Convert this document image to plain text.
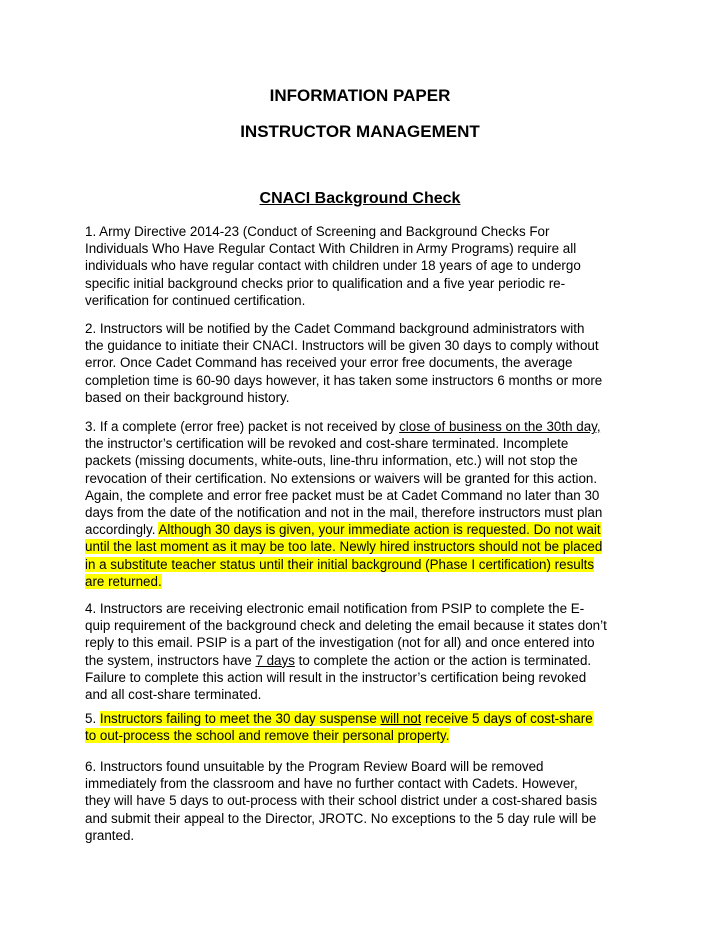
INFORMATION PAPER
INSTRUCTOR MANAGEMENT
CNACI Background Check
1. Army Directive 2014-23 (Conduct of Screening and Background Checks For
Individuals Who Have Regular Contact With Children in Army Programs) require all
individuals who have regular contact with children under 18 years of age to undergo
specific initial background checks prior to qualification and a five year periodic re-
verification for continued certification.
2. Instructors will be notified by the Cadet Command background administrators with
the guidance to initiate their CNACI. Instructors will be given 30 days to comply without
error. Once Cadet Command has received your error free documents, the average
completion time is 60-90 days however, it has taken some instructors 6 months or more
based on their background history.
3. If a complete (error free) packet is not received by close of business on the 30th day,
the instructor’s certification will be revoked and cost-share terminated. Incomplete
packets (missing documents, white-outs, line-thru information, etc.) will not stop the
revocation of their certification. No extensions or waivers will be granted for this action.
Again, the complete and error free packet must be at Cadet Command no later than 30
days from the date of the notification and not in the mail, therefore instructors must plan
accordingly. Although 30 days is given, your immediate action is requested. Do not wait
until the last moment as it may be too late. Newly hired instructors should not be placed
in a substitute teacher status until their initial background (Phase I certification) results
are returned.
4. Instructors are receiving electronic email notification from PSIP to complete the E-
quip requirement of the background check and deleting the email because it states don’t
reply to this email. PSIP is a part of the investigation (not for all) and once entered into
the system, instructors have 7 days to complete the action or the action is terminated.
Failure to complete this action will result in the instructor’s certification being revoked
and all cost-share terminated.
5. Instructors failing to meet the 30 day suspense will not receive 5 days of cost-share
to out-process the school and remove their personal property.
6. Instructors found unsuitable by the Program Review Board will be removed
immediately from the classroom and have no further contact with Cadets. However,
they will have 5 days to out-process with their school district under a cost-shared basis
and submit their appeal to the Director, JROTC. No exceptions to the 5 day rule will be
granted.
